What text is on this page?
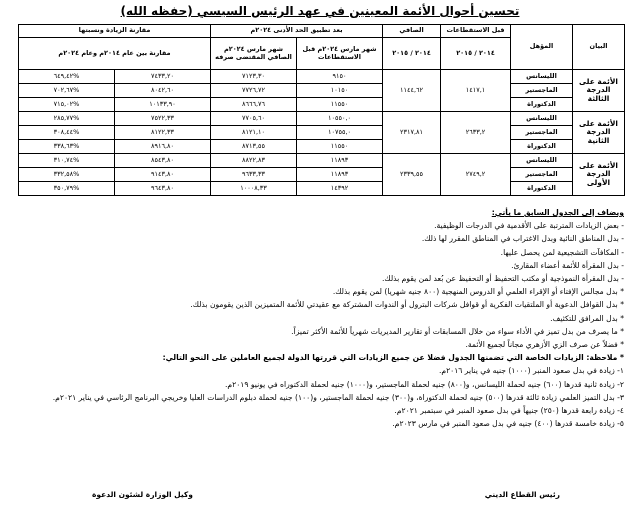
تحسين أحوال الأئمة المعينين في عهد الرئيس السيسي (حفظه الله)
البيان	المؤهل	قبل الاستقطاعات	الصافي	بعد تطبيق الحد الأدنى ٢٠٢٤م		مقارنة الزيادة ونسبتها	
		٢٠١٤ / ٢٠١٥	٢٠١٤ / ٢٠١٥	شهر مارس ٢٠٢٤م قبل الاستقطاعات	شهر مارس ٢٠٢٤م الصافي المقتضى صرفه	مقارنة بين عام ٢٠١٤م وعام ٢٠٢٤م	
الأئمة على الدرجة الثالثة	الليسانس	١٤١٧,١	١١٤٤,٦٢	٩١٥٠	٧١٢٣,٣٠	٧٤٣٣,٢٠	%٦٤٩,٤٢
	الماجستير			١٠١٥٠	٧٧٢٦,٧٢	٨٠٤٢,٦٠	%٧٠٢,٦٧
	الدكتوراة			١١٥٥٠	٨٦٦٦,٧٦	١٠١٣٣,٩٠	%٧١٥,٠٢
الأئمة على الدرجة الثانية	الليسانس	٢٦٣٣,٢	٢٣١٧,٨١	١٠٥٥٠,٠	٧٧٠٥,٦٠	٧٥٢٢,٣٣	%٢٨٥,٧٧
	الماجستير			١٠٧٥٥,٠	٨١٢١,١٠	٨١٢٢,٣٣	%٣٠٨,٤٤
	الدكتوراة			١١٥٥٠	٨٧١٣,٥٥	٨٩١٦,٨٠	%٣٣٨,٦٣
الأئمة على الدرجة الأولى	الليسانس	٢٧٤٩,٢	٢٣٣٩,٥٥	١١٨٩٣	٨٨٢٢,٨٣	٨٥٤٣,٨٠	%٣١٠,٧٤
	الماجستير			١١٨٩٣	٩٦٣٣,٣٣	٩١٤٣,٨٠	%٣٣٢,٥٨
	الدكتوراة			١٤٣٩٢	١٠٠٠٨,٣٣	٩٦٤٣,٨٠	%٣٥٠,٧٩
ويضاف إلى الجدول السابق ما يأتي:
- بعض الزيادات المترتبة على الأقدمية في الدرجات الوظيفية.
- بدل المناطق النائية وبدل الاغتراب في المناطق المقرر لها ذلك.
- المكافآت التشجيعية لمن يحصل عليها.
- بدل المقرأة للأئمة أعضاء المقارئ.
- بدل المقرأة النموذجية أو مكتب التحفيظ أو التحفيظ عن بُعد لمن يقوم بذلك.
* بدل مجالس الإفتاء أو الإقراء العلمي أو الدروس المنهجية (٨٠٠ جنيه شهريا) لمن يقوم بذلك.
* بدل القوافل الدعوية أو الملتقيات الفكرية أو قوافل شركات البترول أو الندوات المشتركة مع عقيدتي للأئمة المتميزين الذين يقومون بذلك.
* بدل المرافق للتكثيف.
* ما يصرف من بدل تميز في الأداء سواء من خلال المسابقات أو تقارير المديريات شهرياً للأئمة الأكثر تميزاً.
* فضلاً عن صرف الزي الأزهري مجاناً لجميع الأئمة.
* ملاحظة: الزيادات الخاصة التي تضمنها الجدول فضلا عن جميع الزيادات التي قررتها الدولة لجميع العاملين على النحو التالي:
١- زيادة في بدل صعود المنبر (١٠٠٠) جنيه في يناير ٢٠١٦م.
٢- زيادة ثانية قدرها (٦٠٠) جنيه لحملة الليسانس، و(٨٠٠) جنيه لحملة الماجستير، و(١٠٠٠) جنيه لحملة الدكتوراه في يونيو ٢٠١٩م.
٣- بدل التميز العلمي زيادة ثالثة قدرها (٥٠٠) جنيه لحملة الدكتوراة، و(٣٠٠) جنيه لحملة الماجستير، و(١٠٠) جنيه لحملة دبلوم الدراسات العليا وخريجي البرنامج الرئاسي في يناير ٢٠٢١م.
٤- زيادة رابعة قدرها (٢٥٠) جنيهاً في بدل صعود المنبر في سبتمبر ٢٠٢١م.
٥- زيادة خامسة قدرها (٤٠٠) جنيه في بدل صعود المنبر في مارس ٢٠٢٣م.
رئيس القطاع الديني
وكيل الوزارة لشئون الدعوة
